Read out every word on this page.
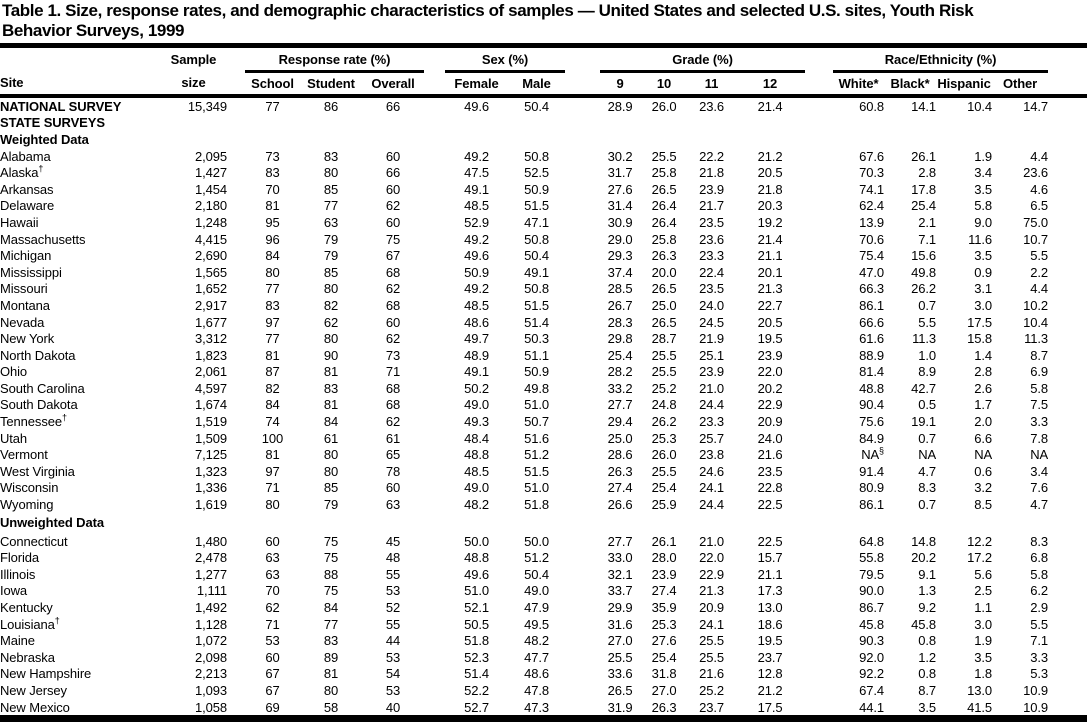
Table 1. Size, response rates, and demographic characteristics of samples — United States and selected U.S. sites, Youth Risk
Behavior Surveys, 1999
	Sample		Response rate (%)				Sex (%)			Grade (%)					Race/Ethnicity (%)				
Site	size		School	Student	Overall		Female	Male		9	10	11	12		White*	Black*	Hispanic	Other	
NATIONAL SURVEY	15,349		77	86	66		49.6	50.4		28.9	26.0	23.6	21.4		60.8	14.1	10.4	14.7	
STATE SURVEYS																			
Weighted Data																			
Alabama	2,095		73	83	60		49.2	50.8		30.2	25.5	22.2	21.2		67.6	26.1	1.9	4.4	
Alaska†	1,427		83	80	66		47.5	52.5		31.7	25.8	21.8	20.5		70.3	2.8	3.4	23.6	
Arkansas	1,454		70	85	60		49.1	50.9		27.6	26.5	23.9	21.8		74.1	17.8	3.5	4.6	
Delaware	2,180		81	77	62		48.5	51.5		31.4	26.4	21.7	20.3		62.4	25.4	5.8	6.5	
Hawaii	1,248		95	63	60		52.9	47.1		30.9	26.4	23.5	19.2		13.9	2.1	9.0	75.0	
Massachusetts	4,415		96	79	75		49.2	50.8		29.0	25.8	23.6	21.4		70.6	7.1	11.6	10.7	
Michigan	2,690		84	79	67		49.6	50.4		29.3	26.3	23.3	21.1		75.4	15.6	3.5	5.5	
Mississippi	1,565		80	85	68		50.9	49.1		37.4	20.0	22.4	20.1		47.0	49.8	0.9	2.2	
Missouri	1,652		77	80	62		49.2	50.8		28.5	26.5	23.5	21.3		66.3	26.2	3.1	4.4	
Montana	2,917		83	82	68		48.5	51.5		26.7	25.0	24.0	22.7		86.1	0.7	3.0	10.2	
Nevada	1,677		97	62	60		48.6	51.4		28.3	26.5	24.5	20.5		66.6	5.5	17.5	10.4	
New York	3,312		77	80	62		49.7	50.3		29.8	28.7	21.9	19.5		61.6	11.3	15.8	11.3	
North Dakota	1,823		81	90	73		48.9	51.1		25.4	25.5	25.1	23.9		88.9	1.0	1.4	8.7	
Ohio	2,061		87	81	71		49.1	50.9		28.2	25.5	23.9	22.0		81.4	8.9	2.8	6.9	
South Carolina	4,597		82	83	68		50.2	49.8		33.2	25.2	21.0	20.2		48.8	42.7	2.6	5.8	
South Dakota	1,674		84	81	68		49.0	51.0		27.7	24.8	24.4	22.9		90.4	0.5	1.7	7.5	
Tennessee†	1,519		74	84	62		49.3	50.7		29.4	26.2	23.3	20.9		75.6	19.1	2.0	3.3	
Utah	1,509		100	61	61		48.4	51.6		25.0	25.3	25.7	24.0		84.9	0.7	6.6	7.8	
Vermont	7,125		81	80	65		48.8	51.2		28.6	26.0	23.8	21.6		NA§	NA	NA	NA	
West Virginia	1,323		97	80	78		48.5	51.5		26.3	25.5	24.6	23.5		91.4	4.7	0.6	3.4	
Wisconsin	1,336		71	85	60		49.0	51.0		27.4	25.4	24.1	22.8		80.9	8.3	3.2	7.6	
Wyoming	1,619		80	79	63		48.2	51.8		26.6	25.9	24.4	22.5		86.1	0.7	8.5	4.7	
Unweighted Data																			
Connecticut	1,480		60	75	45		50.0	50.0		27.7	26.1	21.0	22.5		64.8	14.8	12.2	8.3	
Florida	2,478		63	75	48		48.8	51.2		33.0	28.0	22.0	15.7		55.8	20.2	17.2	6.8	
Illinois	1,277		63	88	55		49.6	50.4		32.1	23.9	22.9	21.1		79.5	9.1	5.6	5.8	
Iowa	1,111		70	75	53		51.0	49.0		33.7	27.4	21.3	17.3		90.0	1.3	2.5	6.2	
Kentucky	1,492		62	84	52		52.1	47.9		29.9	35.9	20.9	13.0		86.7	9.2	1.1	2.9	
Louisiana†	1,128		71	77	55		50.5	49.5		31.6	25.3	24.1	18.6		45.8	45.8	3.0	5.5	
Maine	1,072		53	83	44		51.8	48.2		27.0	27.6	25.5	19.5		90.3	0.8	1.9	7.1	
Nebraska	2,098		60	89	53		52.3	47.7		25.5	25.4	25.5	23.7		92.0	1.2	3.5	3.3	
New Hampshire	2,213		67	81	54		51.4	48.6		33.6	31.8	21.6	12.8		92.2	0.8	1.8	5.3	
New Jersey	1,093		67	80	53		52.2	47.8		26.5	27.0	25.2	21.2		67.4	8.7	13.0	10.9	
New Mexico	1,058		69	58	40		52.7	47.3		31.9	26.3	23.7	17.5		44.1	3.5	41.5	10.9	
